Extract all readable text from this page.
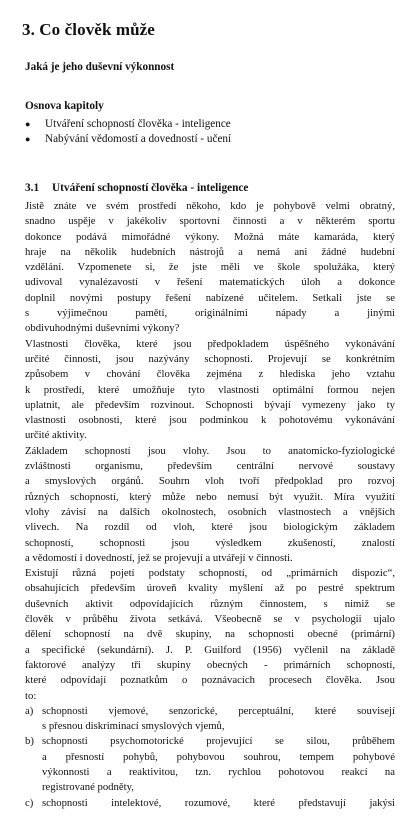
3. Co člověk může
Jaká je jeho duševní výkonnost
Osnova kapitoly
● Utváření schopností člověka - inteligence
● Nabývání vědomostí a dovedností - učení
3.1 Utváření schopností člověka - inteligence
Jistě znáte ve svém prostředí někoho, kdo je pohybově velmi obratný,
snadno uspěje v jakékoliv sportovní činnosti a v některém sportu
dokonce podává mimořádné výkony. Možná máte kamaráda, který
hraje na několik hudebních nástrojů a nemá ani žádné hudební
vzdělání. Vzpomenete si, že jste měli ve škole spolužáka, který
udivoval vynalézavostí v řešení matematických úloh a dokonce
doplnil novými postupy řešení nabízené učitelem. Setkali jste se
s výjimečnou pamětí, originálními nápady a jinými
obdivuhodnými duševními výkony?
Vlastnosti člověka, které jsou předpokladem úspěšného vykonávání
určité činnosti, jsou nazývány schopnosti. Projevují se konkrétním
způsobem v chování člověka zejména z hlediska jeho vztahu
k prostředí, které umožňuje tyto vlastnosti optimální formou nejen
uplatnit, ale především rozvinout. Schopnosti bývají vymezeny jako ty
vlastnosti osobnosti, které jsou podmínkou k pohotovému vykonávání
určité aktivity.
Základem schopností jsou vlohy. Jsou to anatomicko-fyziologické
zvláštnosti organismu, především centrální nervové soustavy
a smyslových orgánů. Souhrn vloh tvoří předpoklad pro rozvoj
různých schopností, který může nebo nemusí být využit. Míra využití
vlohy závisí na dalších okolnostech, osobních vlastnostech a vnějších
vlivech. Na rozdíl od vloh, které jsou biologickým základem
schopností, schopnosti jsou výsledkem zkušeností, znalostí
a vědomostí i dovedností, jež se projevují a utvářejí v činnosti.
Existují různá pojetí podstaty schopností, od „primárních dispozic“,
obsahujících především úroveň kvality myšlení až po pestré spektrum
duševních aktivit odpovídajících různým činnostem, s nimiž se
člověk v průběhu života setkává. Všeobecně se v psychologii ujalo
dělení schopností na dvě skupiny, na schopnosti obecné (primární)
a specifické (sekundární). J. P. Guilford (1956) vyčlenil na základě
faktorové analýzy tři skupiny obecných - primárních schopností,
které odpovídají poznatkům o poznávacích procesech člověka. Jsou
to:
a) schopnosti vjemové, senzorické, perceptuální, které souvisejí
s přesnou diskriminací smyslových vjemů,
b) schopnosti psychomotorické projevující se silou, průběhem
a přesností pohybů, pohybovou souhrou, tempem pohybové
výkonnosti a reaktivitou, tzn. rychlou pohotovou reakcí na
registrované podněty,
c) schopnosti intelektové, rozumové, které představují jakýsi
